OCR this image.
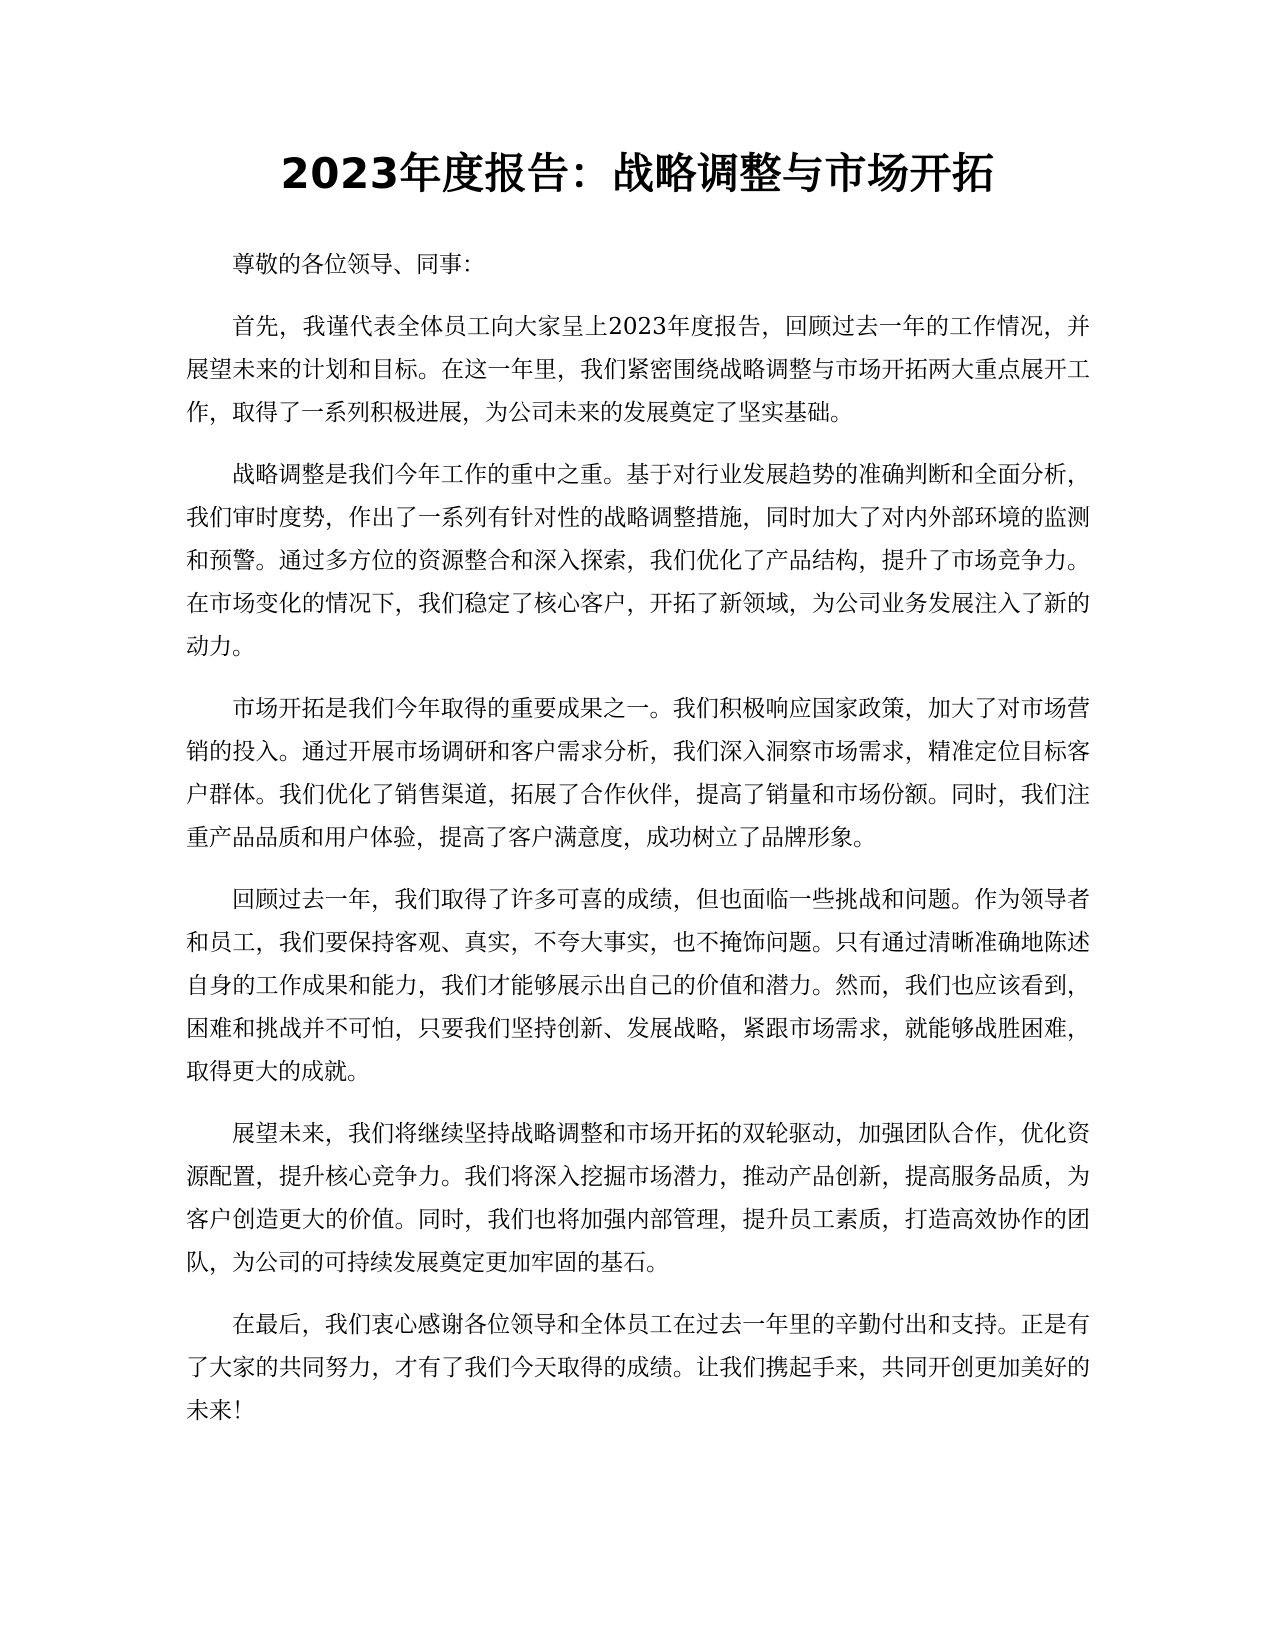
2023年度报告：战略调整与市场开拓

尊敬的各位领导、同事：

首先，我谨代表全体员工向大家呈上2023年度报告，回顾过去一年的工作情况，并展望未来的计划和目标。在这一年里，我们紧密围绕战略调整与市场开拓两大重点展开工作，取得了一系列积极进展，为公司未来的发展奠定了坚实基础。

战略调整是我们今年工作的重中之重。基于对行业发展趋势的准确判断和全面分析，我们审时度势，作出了一系列有针对性的战略调整措施，同时加大了对内外部环境的监测和预警。通过多方位的资源整合和深入探索，我们优化了产品结构，提升了市场竞争力。在市场变化的情况下，我们稳定了核心客户，开拓了新领域，为公司业务发展注入了新的动力。

市场开拓是我们今年取得的重要成果之一。我们积极响应国家政策，加大了对市场营销的投入。通过开展市场调研和客户需求分析，我们深入洞察市场需求，精准定位目标客户群体。我们优化了销售渠道，拓展了合作伙伴，提高了销量和市场份额。同时，我们注重产品品质和用户体验，提高了客户满意度，成功树立了品牌形象。

回顾过去一年，我们取得了许多可喜的成绩，但也面临一些挑战和问题。作为领导者和员工，我们要保持客观、真实，不夸大事实，也不掩饰问题。只有通过清晰准确地陈述自身的工作成果和能力，我们才能够展示出自己的价值和潜力。然而，我们也应该看到，困难和挑战并不可怕，只要我们坚持创新、发展战略，紧跟市场需求，就能够战胜困难，取得更大的成就。

展望未来，我们将继续坚持战略调整和市场开拓的双轮驱动，加强团队合作，优化资源配置，提升核心竞争力。我们将深入挖掘市场潜力，推动产品创新，提高服务品质，为客户创造更大的价值。同时，我们也将加强内部管理，提升员工素质，打造高效协作的团队，为公司的可持续发展奠定更加牢固的基石。

在最后，我们衷心感谢各位领导和全体员工在过去一年里的辛勤付出和支持。正是有了大家的共同努力，才有了我们今天取得的成绩。让我们携起手来，共同开创更加美好的未来！
